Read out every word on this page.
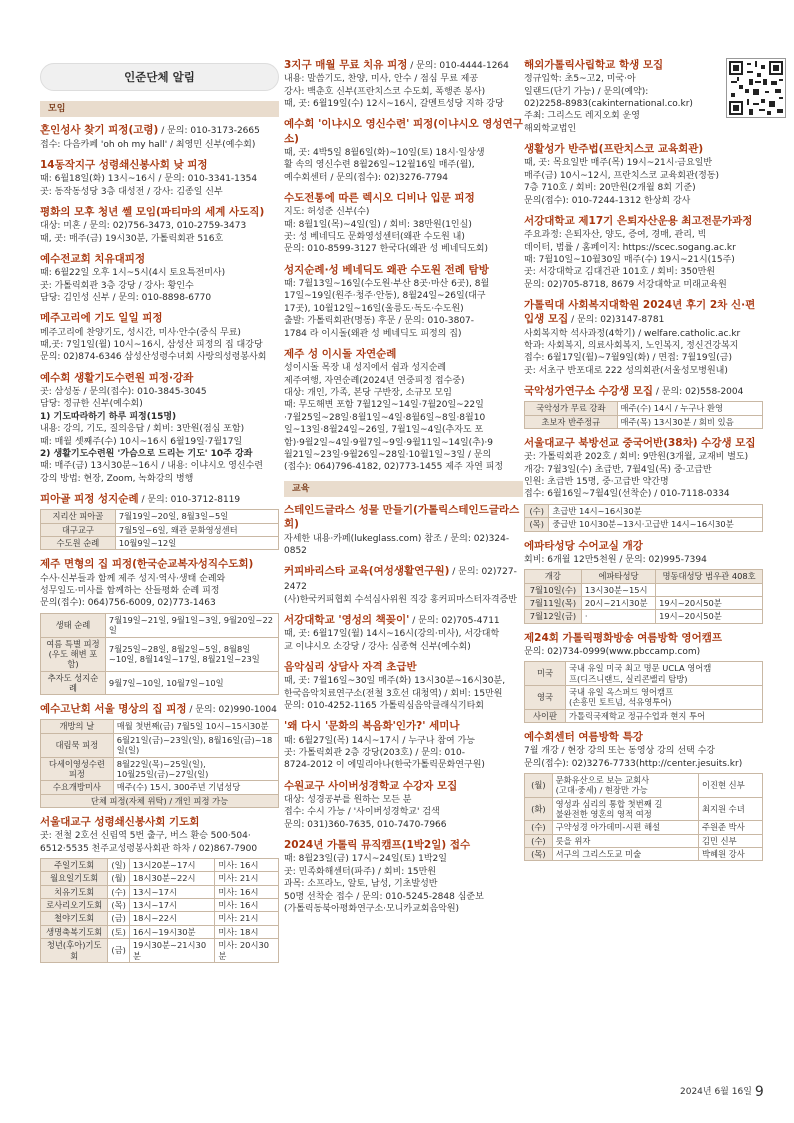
인준단체 알림
모임
혼인성사 찾기 피정(고령) / 문의: 010-3173-2665
접수: 다음카페 'oh oh my hall' / 최영민 신부(예수회)
14동작지구 성령쇄신봉사회 낮 피정
때: 6월18일(화) 13시~16시 / 문의: 010-3341-1354
곳: 동작동성당 3층 대성전 / 강사: 김종일 신부
평화의 모후 청년 쎌 모임(파티마의 세계 사도직)
대상: 미혼 / 문의: 02)756-3473, 010-2759-3473
때, 곳: 매주(금) 19시30분, 가톨릭회관 516호
예수전교회 치유대피정
때: 6월22일 오후 1시~5시(4시 토요특전미사)
곳: 가톨릭회관 3층 강당 / 강사: 황인수
담당: 김인성 신부 / 문의: 010-8898-6770
메주고리에 기도 일일 피정
메주고리에 찬양기도, 성시간, 미사·안수(중식 무료)
때,곳: 7일1일(월) 10시~16시, 삼성산 피정의 집 대강당
문의: 02)874-6346 삼성산성령수녀회 사랑의성령봉사회
예수회 생활기도수련원 피정·강좌
곳: 삼성동 / 문의(접수): 010-3845-3045
담당: 정규한 신부(예수회)
1) 기도따라하기 하루 피정(15명)
내용: 강의, 기도, 질의응답 / 회비: 3만원(점심 포함)
때: 매월 셋째주(수) 10시~16시 6월19일·7월17일
2) 생활기도수련원 '가슴으로 드리는 기도' 10주 강좌
때: 매주(금) 13시30분~16시 / 내용: 이냐시오 영신수련
강의 방법: 현장, Zoom, 녹화강의 병행
피아골 피정 성지순례 / 문의: 010-3712-8119
지리산 피아골	7월19일~20일, 8월3일~5일
대구교구	7월5일~6일, 왜관 문화영성센터
수도원 순례	10월9일~12일
제주 면형의 집 피정(한국순교복자성직수도회)
수사·신부들과 함께 제주 성지·역사·생태 순례와
성무일도·미사를 함께하는 산들평화 순례 피정
문의(접수): 064)756-6009, 02)773-1463
생태 순례	7월19일~21일, 9월1일~3일, 9월20일~22일
여름 특별 피정
(우도 해변 포함)	7월25일~28일, 8월2일~5일, 8월8일
~10일, 8월14일~17일, 8월21일~23일
추자도 성지순례	9월7일~10일, 10월7일~10일
예수고난회 서울 명상의 집 피정 / 문의: 02)990-1004
개방의 날	매월 첫번째(금) 7월5일 10시~15시30분
대림묵 피정	6월21일(금)~23일(일), 8월16일(금)~18일(일)
다세이영성수련 피정	8월22일(목)~25일(일),
10월25일(금)~27일(일)
수요개방미사	매주(수) 15시, 300주년 기념성당
단체 피정(자체 위탁) / 개인 피정 가능	
서울대교구 성령쇄신봉사회 기도회
곳: 전철 2호선 신림역 5번 출구, 버스 환승 500·504·
6512·5535 천주교성령봉사회관 하차 / 02)867-7900
주일기도회	(일)	13시20분~17시	미사: 16시
월요일기도회	(월)	18시30분~22시	미사: 21시
치유기도회	(수)	13시~17시	미사: 16시
로사리오기도회	(목)	13시~17시	미사: 16시
철야기도회	(금)	18시~22시	미사: 21시
생명축복기도회	(토)	16시~19시30분	미사: 18시
청년(후아)기도회	(금)	19시30분~21시30분	미사: 20시30분
3지구 매월 무료 치유 피정 / 문의: 010-4444-1264
내용: 말씀기도, 찬양, 미사, 안수 / 점심 무료 제공
강사: 백춘호 신부(프란치스코 수도회, 폭행존 봉사)
때, 곳: 6월19일(수) 12시~16시, 갈멘트성당 지하 강당
예수회 '이냐시오 영신수련' 피정(이냐시오 영성연구소)
때, 곳: 4박5일 8월6일(화)~10일(토) 18시·일상생
활 속의 영신수련 8월26일~12월16일 매주(월),
예수회센터 / 문의(접수): 02)3276-7794
수도전통에 따른 렉시오 디비나 입문 피정
지도: 허성준 신부(수)
때: 8월1일(목)~4일(일) / 회비: 38만원(1인실)
곳: 성 베네딕도 문화영성센터(왜관 수도원 내)
문의: 010-8599-3127 한국다(왜관 성 베네딕도회)
성지순례·성 베네딕도 왜관 수도원 전례 탐방
때: 7월13일~16일(수도원·부산 8곳·마산 6곳), 8월
17일~19일(원주·청주·안동), 8월24일~26일(대구
17곳), 10월12일~16일(울릉도·독도·수도원)
출발: 가톨릭회관(명동) 후문 / 문의: 010-3807-
1784 라 이시돌(왜관 성 베네딕도 피정의 집)
제주 성 이시돌 자연순례
성이시돌 목장 내 성지에서 쉼과 성지순례
제주여행, 자연순례(2024년 연중피정 접수중)
대상: 개인, 가족, 본당 구반장, 소규모 모임
때: 무도해변 포함 7월12일~14일·7월20일~22일
·7월25일~28일·8월1일~4일·8월6일~8일·8월10
일~13일·8월24일~26일, 7월1일~4일(추자도 포
함)·9월2일~4일·9월7일~9일·9월11일~14일(추)·9
월21일~23일·9월26일~28일·10월1일~3일 / 문의
(접수): 064)796-4182, 02)773-1455 제주 자연 피정
교육
스테인드글라스 성물 만들기(가톨릭스테인드글라스회)
자세한 내용·카페(lukeglass.com) 참조 / 문의: 02)324-0852
커피바리스타 교육(여성생활연구원) / 문의: 02)727-2472
(사)한국커피협회 수석심사위원 직강 홍커피마스터자격증반
서강대학교 '영성의 책꽂이' / 문의: 02)705-4711
때, 곳: 6월17일(월) 14시~16시(강의·미사), 서강대학
교 이냐시오 소강당 / 강사: 심종혁 신부(예수회)
음악심리 상담사 자격 초급반
때, 곳: 7월16일~30일 매주(화) 13시30분~16시30분,
한국음악치료연구소(전철 3호선 대청역) / 회비: 15만원
문의: 010-4252-1165 가톨릭심음악클래식기타회
'왜 다시 '문화의 복음화'인가?' 세미나
때: 6월27일(목) 14시~17시 / 누구나 참여 가능
곳: 가톨릭회관 2층 강당(203호) / 문의: 010-
8724-2012 이 에밀리아나(한국가톨릭문화연구원)
수원교구 사이버성경학교 수강자 모집
대상: 성경공부를 원하는 모든 분
접수: 수시 가능 / '사이버성경학교' 검색
문의: 031)360-7635, 010-7470-7966
2024년 가톨릭 뮤직캠프(1박2일) 접수
때: 8월23일(금) 17시~24일(토) 1박2일
곳: 민족화해센터(파주) / 회비: 15만원
과목: 소프라노, 알토, 남성, 기초발성반
50명 선착순 접수 / 문의: 010-5245-2848 심준보
(가톨릭동북아평화연구소·모니카교회음악원)
해외가톨릭사립학교 학생 모집
정규입학: 초5~고2, 미국·아
일랜드(단기 가능) / 문의(예약):
02)2258-8983(cakinternational.co.kr)
주최: 그리스도 레지오회 운영
해외학교법인
생활성가 반주법(프란치스코 교육회관)
때, 곳: 목요일반 매주(목) 19시~21시·금요일반
매주(금) 10시~12시, 프란치스코 교육회관(정동)
7층 710호 / 회비: 20만원(2개월 8회 기준)
문의(접수): 010-7244-1312 한상희 강사
서강대학교 제17기 은퇴자산운용 최고전문가과정
주요과정: 은퇴자산, 양도, 증여, 경매, 관리, 빅
데이터, 범률 / 홈페이지: https://scec.sogang.ac.kr
때: 7월10일~10월30일 매주(수) 19시~21시(15주)
곳: 서강대학교 김대건관 101호 / 회비: 350만원
문의: 02)705-8718, 8679 서강대학교 미래교육원
가톨릭대 사회복지대학원 2024년 후기 2차 신·편입생 모집 / 문의: 02)3147-8781
사회복지학 석사과정(4학기) / welfare.catholic.ac.kr
학과: 사회복지, 의료사회복지, 노인복지, 정신건강복지
접수: 6월17일(월)~7월9일(화) / 면접: 7월19일(금)
곳: 서초구 반포대로 222 성의회관(서울성모병원내)
국악성가연구소 수강생 모집 / 문의: 02)558-2004
국악성가 무료 강좌	매주(수) 14시 / 누구나 환영
초보자 반주정규	매주(목) 13시30분 / 회비 있음
서울대교구 북방선교 중국어반(38차) 수강생 모집
곳: 가톨릭회관 202호 / 회비: 9만원(3개월, 교재비 별도)
개강: 7월3일(수) 초급반, 7월4일(목) 중·고급반
인원: 초급반 15명, 중·고급반 약간명
접수: 6월16일~7월4일(선착순) / 010-7118-0334
(수)	초급반 14시~16시30분
(목)	중급반 10시30분~13시·고급반 14시~16시30분
에파타성당 수어교실 개강
회비: 6개월 12만5천원 / 문의: 02)995-7394
개강	에파타성당	명동대성당 범우관 408호
7월10일(수)	13시30분~15시	
7월11일(목)	20시~21시30분	19시~20시50분
7월12일(금)	·	19시~20시50분
제24회 가톨릭평화방송 여름방학 영어캠프
문의: 02)734-0999(www.pbccamp.com)
미국	국내 유일 미국 최고 명문 UCLA 영어캠
프(디즈니랜드, 실리콘밸리 탐방)
영국	국내 유일 옥스퍼드 영어캠프
(손흥민 토트넘, 석유영투어)
사이판	가톨릭국제학교 정규수업과 현지 투어
예수회센터 여름방학 특강
7월 개강 / 현장 강의 또는 동영상 강의 선택 수강
문의(접수): 02)3276-7733(http://center.jesuits.kr)
(월)	문화유산으로 보는 교회사
(고대·중세) / 현장만 가능	이진현 신부
(화)	영성과 심리의 통합 첫번째 길
불완전한 영혼의 영적 여정	최지원 수녀
(수)	구약성경 아가데미-시편 해설	주원준 박사
(수)	릇을 위자	김민 신부
(목)	서구의 그리스도교 미술	박혜원 강사
2024년 6월 16일 9
